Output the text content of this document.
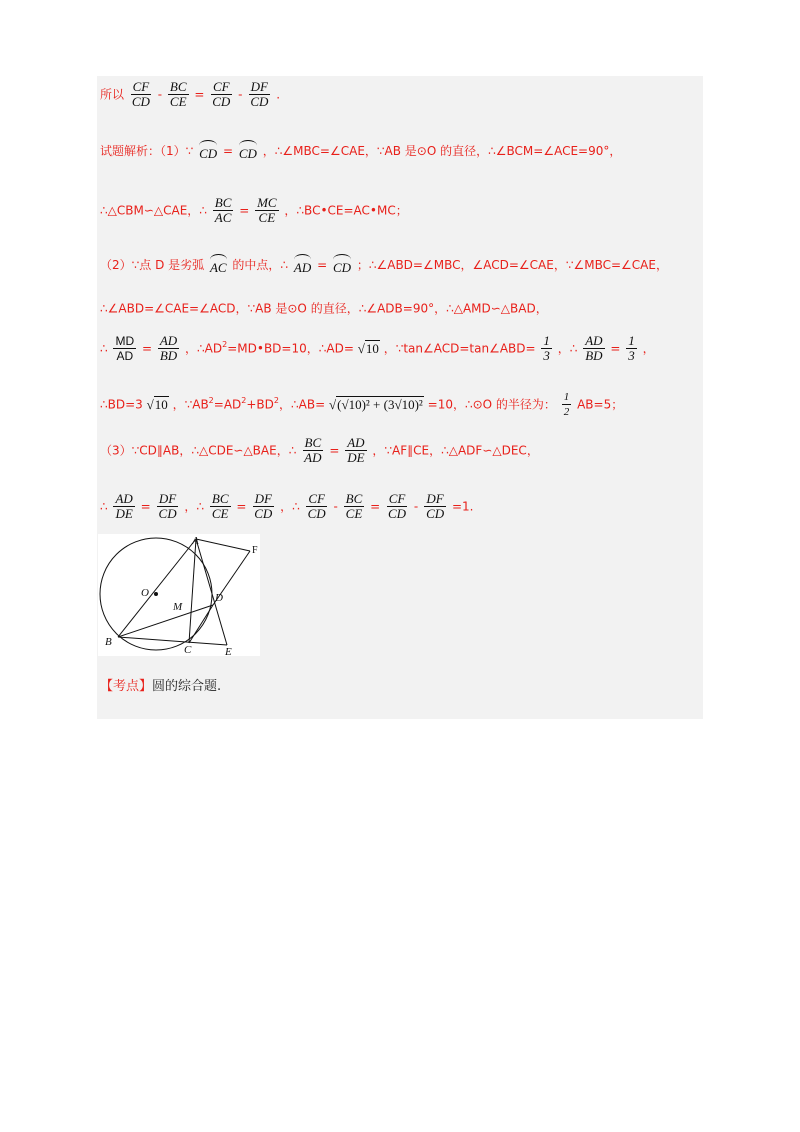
所以 $\frac{CF}{CD} - \frac{BC}{CE} = \frac{CF}{CD} - \frac{DF}{CD}$ .
试题解析：（1）∵ CD = CD ，∴∠MBC=∠CAE，∵AB 是⊙O 的直径，∴∠BCM=∠ACE=90°，
∴△CBM∽△CAE，∴ $\frac{BC}{AC} = \frac{MC}{CE}$ ，∴BC•CE=AC•MC；
（2）∵点 D 是劣弧 AC 的中点，∴ AD = CD ；∴∠ABD=∠MBC，∠ACD=∠CAE，∵∠MBC=∠CAE，
∴∠ABD=∠CAE=∠ACD，∵AB 是⊙O 的直径，∴∠ADB=90°，∴△AMD∽△BAD，
∴ $\frac{MD}{AD} = \frac{AD}{BD}$ ，$\therefore AD^2=MD•BD=10$，∴AD= √10 ，∵tan∠ACD=tan∠ABD= $\frac{1}{3}$ ，∴ $\frac{AD}{BD} = \frac{1}{3}$ ，
∴BD=3 √10 ，$\because AB^2=AD^2+BD^2$，∴AB= √(√10)² + (3√10)² =10，∴⊙O 的半径为： $\frac{1}{2} AB=5$；
（3）∵CD∥AB，∴△CDE∽△BAE，∴ $\frac{BC}{AD} = \frac{AD}{DE}$ ，∵AF∥CE，∴△ADF∽△DEC，
∴ $\frac{AD}{DE} = \frac{DF}{CD}$ ，∴ $\frac{BC}{CE} = \frac{DF}{CD}$ ，∴ $\frac{CF}{CD} - \frac{BC}{CE} = \frac{CF}{CD} - \frac{DF}{CD} =1$.
A
F
O
M
D
B
C	E
【考点】圆的综合题.
